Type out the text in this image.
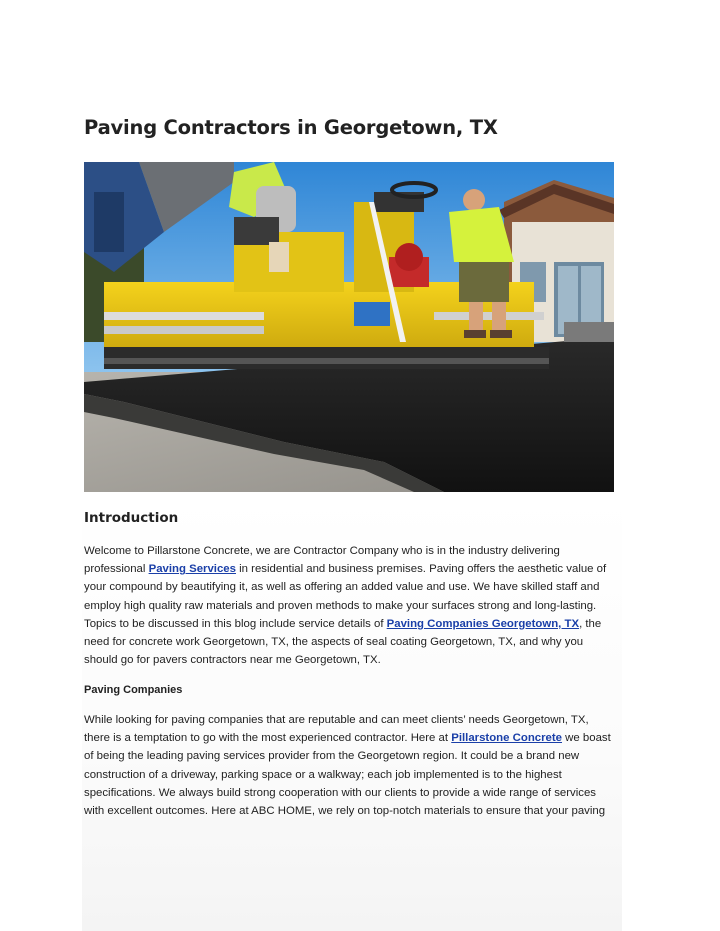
Paving Contractors in Georgetown, TX
Introduction

Welcome to Pillarstone Concrete, we are Contractor Company who is in the industry delivering
professional Paving Services in residential and business premises. Paving offers the aesthetic value of
your compound by beautifying it, as well as offering an added value and use. We have skilled staff and
employ high quality raw materials and proven methods to make your surfaces strong and long-lasting.
Topics to be discussed in this blog include service details of Paving Companies Georgetown, TX, the
need for concrete work Georgetown, TX, the aspects of seal coating Georgetown, TX, and why you
should go for pavers contractors near me Georgetown, TX.

Paving Companies

While looking for paving companies that are reputable and can meet clients’ needs Georgetown, TX,
there is a temptation to go with the most experienced contractor. Here at Pillarstone Concrete we boast
of being the leading paving services provider from the Georgetown region. It could be a brand new
construction of a driveway, parking space or a walkway; each job implemented is to the highest
specifications. We always build strong cooperation with our clients to provide a wide range of services
with excellent outcomes. Here at ABC HOME, we rely on top-notch materials to ensure that your paving
